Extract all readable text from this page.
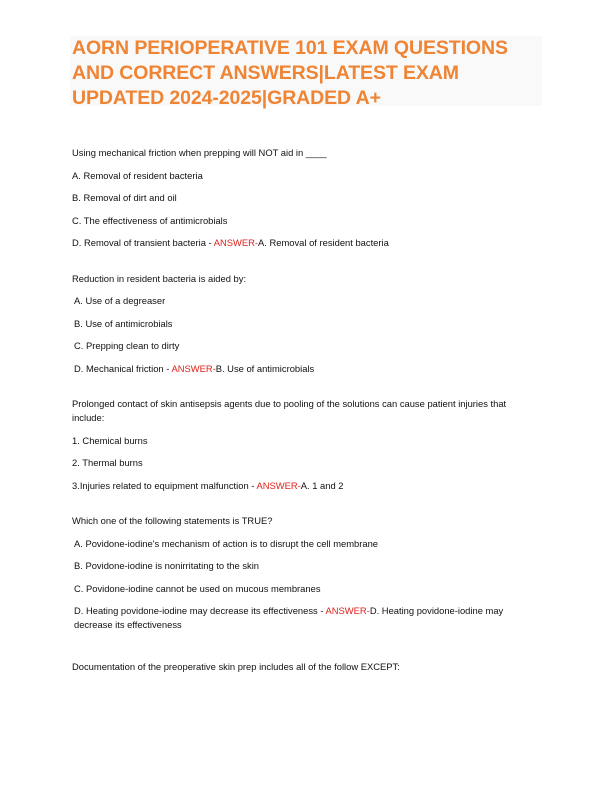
AORN PERIOPERATIVE 101 EXAM QUESTIONS AND CORRECT ANSWERS|LATEST EXAM UPDATED 2024-2025|GRADED A+

Using mechanical friction when prepping will NOT aid in ____

A. Removal of resident bacteria

B. Removal of dirt and oil

C. The effectiveness of antimicrobials

D. Removal of transient bacteria - ANSWER-A. Removal of resident bacteria

Reduction in resident bacteria is aided by:

A. Use of a degreaser

B. Use of antimicrobials

C. Prepping clean to dirty

D. Mechanical friction - ANSWER-B. Use of antimicrobials

Prolonged contact of skin antisepsis agents due to pooling of the solutions can cause patient injuries that include:

1. Chemical burns

2. Thermal burns

3.Injuries related to equipment malfunction - ANSWER-A. 1 and 2

Which one of the following statements is TRUE?

A. Povidone-iodine's mechanism of action is to disrupt the cell membrane

B. Povidone-iodine is nonirritating to the skin

C. Povidone-iodine cannot be used on mucous membranes

D. Heating povidone-iodine may decrease its effectiveness - ANSWER-D. Heating povidone-iodine may decrease its effectiveness

Documentation of the preoperative skin prep includes all of the follow EXCEPT:
